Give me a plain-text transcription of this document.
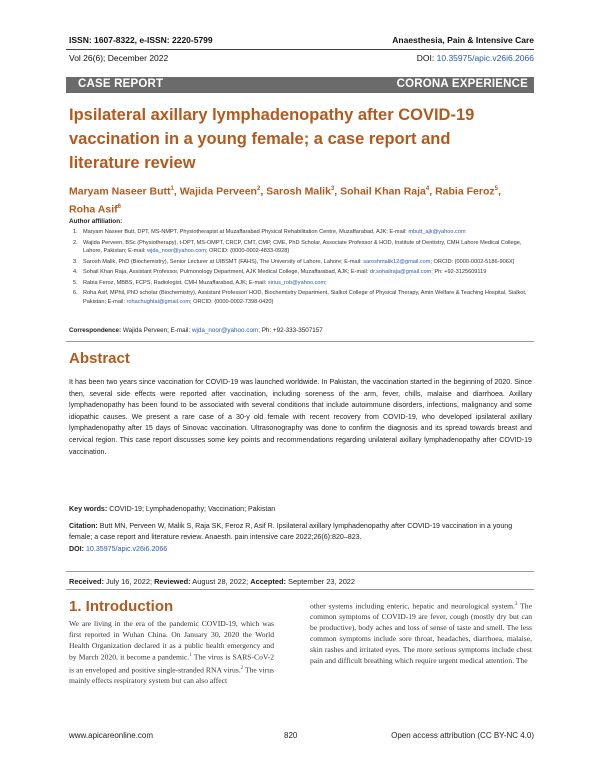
ISSN: 1607-8322, e-ISSN: 2220-5799	Anaesthesia, Pain & Intensive Care
Vol 26(6); December 2022	DOI: 10.35975/apic.v26i6.2066
CASE REPORT	CORONA EXPERIENCE
Ipsilateral axillary lymphadenopathy after COVID-19
vaccination in a young female; a case report and
literature review
Maryam Naseer Butt$^1$, Wajida Perveen$^2$, Sarosh Malik$^3$, Sohail Khan Raja$^4$, Rabia Feroz$^5$,
Roha Asif$^6$
Author affiliation:
1. Maryam Naseer Butt, DPT, MS-NMPT, Physiotherapist at Muzaffarabad Physical Rehabilitation Centre, Muzaffarabad, AJK; E-mail: mbutt_ajk@yahoo.com
2. Wajida Perveen, BSc (Physiotherapy), t-DPT, MS-OMPT, CRCP, CMT, CMP, CME, PhD Scholar, Associate Professor & HOD, Institute of Dentistry, CMH Lahore Medical College, Lahore, Pakistan; E-mail: wjda_noor@yahoo.com; ORCID: {0000-0002-4833-0928}
3. Sarosh Malik, PhD (Biochemistry), Senior Lecturer at UIBSMT (FAHS), The University of Lahore, Lahore; E-mail: saroshmalik12@gmail.com; ORCID: {0000-0002-5186-906X}
4. Sohail Khan Raja, Assistant Professor, Pulmonology Department, AJK Medical College, Muzaffarabad, AJK; E-mail: dr.sohailraja@gmail.com; Ph: +92-3125609119
5. Rabia Feroz, MBBS, FCPS, Radiologist, CMH Muzaffarabad, AJK; E-mail: sirius_rob@yahoo.com;
6. Roha Asif, MPhil, PhD scholar (Biochemistry), Assistant Professor/ HOD, Biochemistry Department, Sialkot College of Physical Therapy, Amin Welfare & Teaching Hospital, Sialkot, Pakistan; E-mail: rohachughtai@gmail.com; ORCID: {0000-0002-7398-0420}
Correspondence: Wajida Perveen; E-mail: wjda_noor@yahoo.com; Ph: +92-333-3507157
Abstract
It has been two years since vaccination for COVID-19 was launched worldwide. In Pakistan, the vaccination started in the beginning of 2020. Since then, several side effects were reported after vaccination, including soreness of the arm, fever, chills, malaise and diarrhoea. Axillary lymphadenopathy has been found to be associated with several conditions that include autoimmune disorders, infections, malignancy and some idiopathic causes. We present a rare case of a 30-y old female with recent recovery from COVID-19, who developed ipsilateral axillary lymphadenopathy after 15 days of Sinovac vaccination. Ultrasonography was done to confirm the diagnosis and its spread towards breast and cervical region. This case report discusses some key points and recommendations regarding unilateral axillary lymphadenopathy after COVID-19 vaccination.
Key words: COVID-19; Lymphadenopathy; Vaccination; Pakistan
Citation: Butt MN, Perveen W, Malik S, Raja SK, Feroz R, Asif R. Ipsilateral axillary lymphadenopathy after COVID-19 vaccination in a young female; a case report and literature review. Anaesth. pain intensive care 2022;26(6):820–823.
DOI: 10.35975/apic.v26i6.2066
Received: July 16, 2022; Reviewed: August 28, 2022; Accepted: September 23, 2022
1. Introduction
We are living in the era of the pandemic COVID-19, which was first reported in Wuhan China. On January 30, 2020 the World Health Organization declared it as a public health emergency and by March 2020, it become a pandemic.$^1$ The virus is SARS-CoV-2 is an enveloped and positive single-stranded RNA virus.$^2$ The virus mainly effects respiratory system but can also affect
other systems including enteric, hepatic and neurological system.$^3$ The common symptoms of COVID-19 are fever, cough (mostly dry but can be productive), body aches and loss of sense of taste and smell. The less common symptoms include sore throat, headaches, diarrhoea, malaise, skin rashes and irritated eyes. The more serious symptoms include chest pain and difficult breathing which require urgent medical attention. The
www.apicareonline.com	820	Open access attribution (CC BY-NC 4.0)
